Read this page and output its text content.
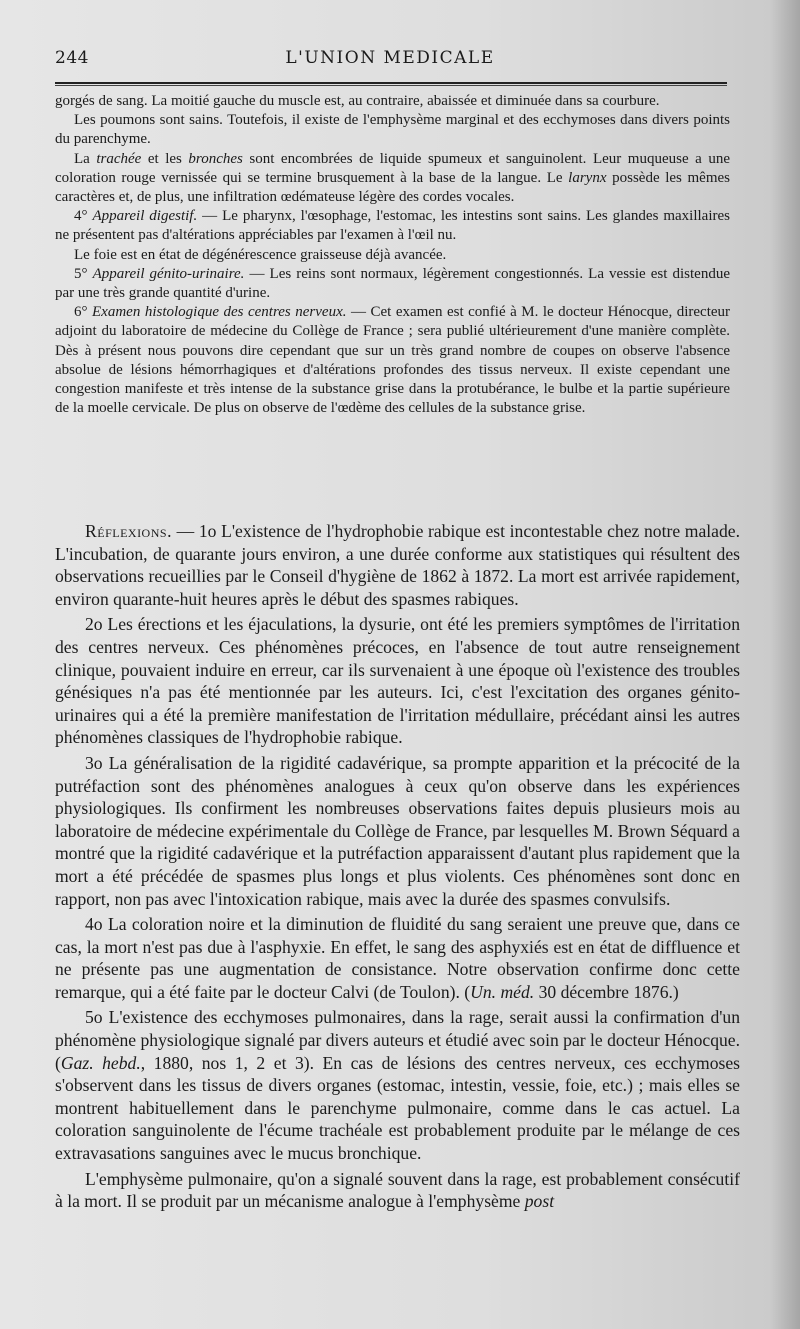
244	L'UNION MEDICALE

gorgés de sang. La moitié gauche du muscle est, au contraire, abaissée et diminuée dans sa courbure.

Les poumons sont sains. Toutefois, il existe de l'emphysème marginal et des ecchymoses dans divers points du parenchyme.

La trachée et les bronches sont encombrées de liquide spumeux et sanguinolent. Leur muqueuse a une coloration rouge vernissée qui se termine brusquement à la base de la langue. Le larynx possède les mêmes caractères et, de plus, une infiltration œdémateuse légère des cordes vocales.

4° Appareil digestif. — Le pharynx, l'œsophage, l'estomac, les intestins sont sains. Les glandes maxillaires ne présentent pas d'altérations appréciables par l'examen à l'œil nu.

Le foie est en état de dégénérescence graisseuse déjà avancée.

5° Appareil génito-urinaire. — Les reins sont normaux, légèrement congestionnés. La vessie est distendue par une très grande quantité d'urine.

6° Examen histologique des centres nerveux. — Cet examen est confié à M. le docteur Hénocque, directeur adjoint du laboratoire de médecine du Collège de France ; sera publié ultérieurement d'une manière complète. Dès à présent nous pouvons dire cependant que sur un très grand nombre de coupes on observe l'absence absolue de lésions hémorrhagiques et d'altérations profondes des tissus nerveux. Il existe cependant une congestion manifeste et très intense de la substance grise dans la protubérance, le bulbe et la partie supérieure de la moelle cervicale. De plus on observe de l'œdème des cellules de la substance grise.

Réflexions. — 1o L'existence de l'hydrophobie rabique est incontestable chez notre malade. L'incubation, de quarante jours environ, a une durée conforme aux statistiques qui résultent des observations recueillies par le Conseil d'hygiène de 1862 à 1872. La mort est arrivée rapidement, environ quarante-huit heures après le début des spasmes rabiques.

2o Les érections et les éjaculations, la dysurie, ont été les premiers symptômes de l'irritation des centres nerveux. Ces phénomènes précoces, en l'absence de tout autre renseignement clinique, pouvaient induire en erreur, car ils survenaient à une époque où l'existence des troubles génésiques n'a pas été mentionnée par les auteurs. Ici, c'est l'excitation des organes génito-urinaires qui a été la première manifestation de l'irritation médullaire, précédant ainsi les autres phénomènes classiques de l'hydrophobie rabique.

3o La généralisation de la rigidité cadavérique, sa prompte apparition et la précocité de la putréfaction sont des phénomènes analogues à ceux qu'on observe dans les expériences physiologiques. Ils confirment les nombreuses observations faites depuis plusieurs mois au laboratoire de médecine expérimentale du Collège de France, par lesquelles M. Brown Séquard a montré que la rigidité cadavérique et la putréfaction apparaissent d'autant plus rapidement que la mort a été précédée de spasmes plus longs et plus violents. Ces phénomènes sont donc en rapport, non pas avec l'intoxication rabique, mais avec la durée des spasmes convulsifs.

4o La coloration noire et la diminution de fluidité du sang seraient une preuve que, dans ce cas, la mort n'est pas due à l'asphyxie. En effet, le sang des asphyxiés est en état de diffluence et ne présente pas une augmentation de consistance. Notre observation confirme donc cette remarque, qui a été faite par le docteur Calvi (de Toulon). (Un. méd. 30 décembre 1876.)

5o L'existence des ecchymoses pulmonaires, dans la rage, serait aussi la confirmation d'un phénomène physiologique signalé par divers auteurs et étudié avec soin par le docteur Hénocque. (Gaz. hebd., 1880, nos 1, 2 et 3). En cas de lésions des centres nerveux, ces ecchymoses s'observent dans les tissus de divers organes (estomac, intestin, vessie, foie, etc.) ; mais elles se montrent habituellement dans le parenchyme pulmonaire, comme dans le cas actuel. La coloration sanguinolente de l'écume trachéale est probablement produite par le mélange de ces extravasations sanguines avec le mucus bronchique.

L'emphysème pulmonaire, qu'on a signalé souvent dans la rage, est probablement consécutif à la mort. Il se produit par un mécanisme analogue à l'emphysème post
